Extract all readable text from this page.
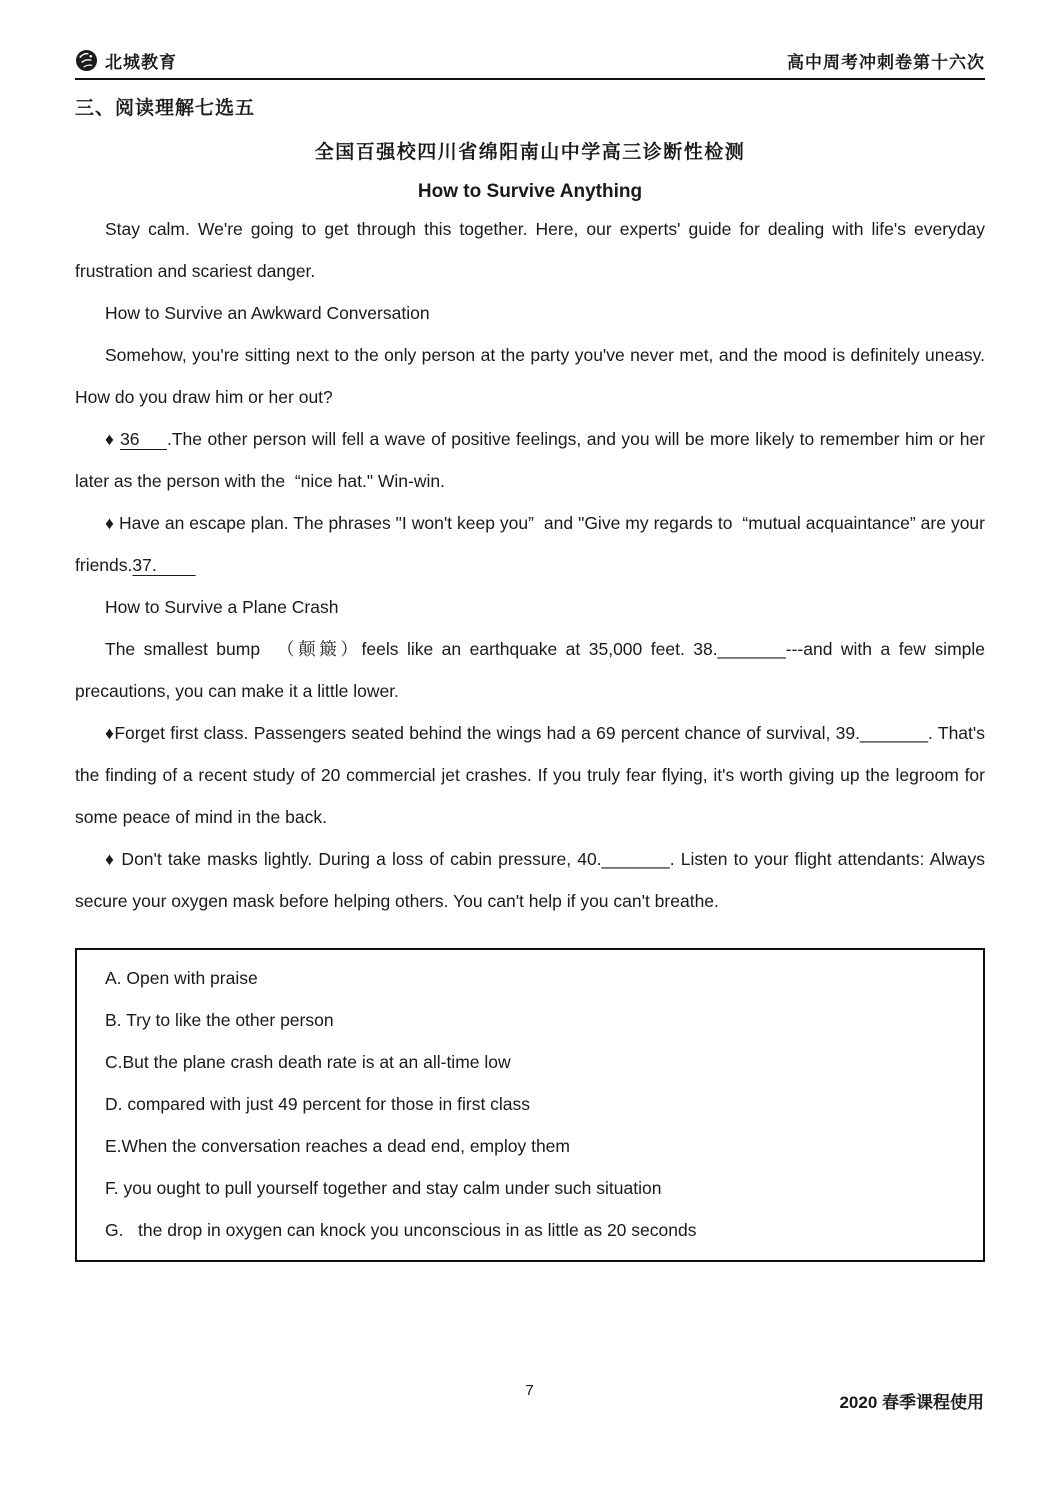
北城教育	高中周考冲刺卷第十六次
三、阅读理解七选五
全国百强校四川省绵阳南山中学高三诊断性检测
How to Survive Anything

Stay calm. We're going to get through this together. Here, our experts' guide for dealing with life's everyday frustration and scariest danger.

How to Survive an Awkward Conversation

Somehow, you're sitting next to the only person at the party you've never met, and the mood is definitely uneasy. How do you draw him or her out?

♦ 36     .The other person will fell a wave of positive feelings, and you will be more likely to remember him or her later as the person with the  “nice hat." Win-win.

♦ Have an escape plan. The phrases "I won't keep you”  and "Give my regards to  “mutual acquaintance” are your friends.37.

How to Survive a Plane Crash

The smallest bump  （颠簸）feels like an earthquake at 35,000 feet. 38._______---and with a few simple precautions, you can make it a little lower.

♦Forget first class. Passengers seated behind the wings had a 69 percent chance of survival, 39._______. That's the finding of a recent study of 20 commercial jet crashes. If you truly fear flying, it's worth giving up the legroom for some peace of mind in the back.

♦ Don't take masks lightly. During a loss of cabin pressure, 40._______. Listen to your flight attendants: Always secure your oxygen mask before helping others. You can't help if you can't breathe.

A. Open with praise

B. Try to like the other person

C.But the plane crash death rate is at an all-time low

D. compared with just 49 percent for those in first class

E.When the conversation reaches a dead end, employ them

F. you ought to pull yourself together and stay calm under such situation

G.   the drop in oxygen can knock you unconscious in as little as 20 seconds

7
2020 春季课程使用
